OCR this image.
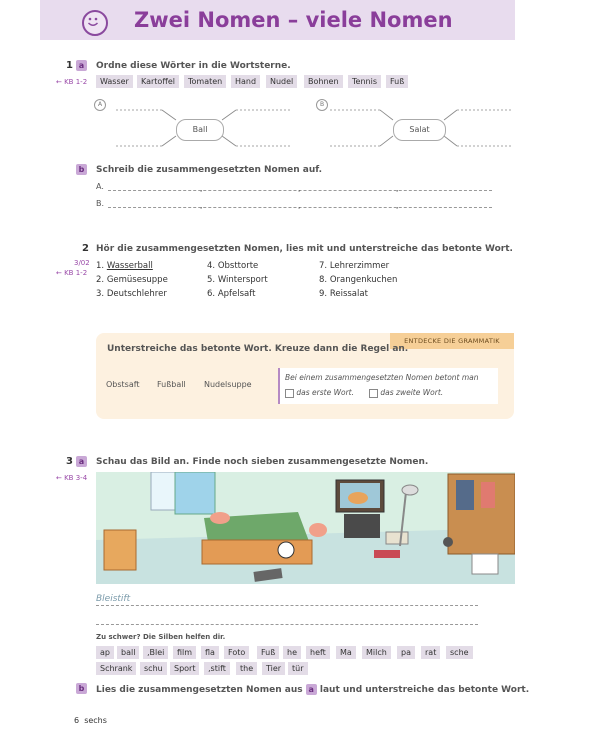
Zwei Nomen – viele Nomen
1 a	Ordne diese Wörter in die Wortsterne.
← KB 1-2	Wasser	Kartoffel	Tomaten	Hand	Nudel	Bohnen	Tennis	Fuß
A
Ball
B
Salat
b Schreib die zusammengesetzten Nomen auf.
A.
B.
,	,	,
,	,	,
2 Hör die zusammengesetzten Nomen, lies mit und unterstreiche das betonte Wort.
3/02
← KB 1-2
1. Wasserball	4. Obsttorte	7. Lehrerzimmer
2. Gemüsesuppe	5. Wintersport	8. Orangenkuchen
3. Deutschlehrer	6. Apfelsaft	9. Reissalat
ENTDECKE DIE GRAMMATIK
Unterstreiche das betonte Wort. Kreuze dann die Regel an.
Obstsaft Fußball Nudelsuppe
Bei einem zusammengesetzten Nomen betont man
das erste Wort.	das zweite Wort.
3 a	Schau das Bild an. Finde noch sieben zusammengesetzte Nomen.
← KB 3-4
Bleistift
Zu schwer? Die Silben helfen dir.
ap	ball	‚Blei	film	fla	Foto	Fuß	he	heft	Ma	Milch	pa	rat	sche
Schrank	schu	Sport	‚stift	the	Tier	tür
b Lies die zusammengesetzten Nomen aus a laut und unterstreiche das betonte Wort.
6 sechs
